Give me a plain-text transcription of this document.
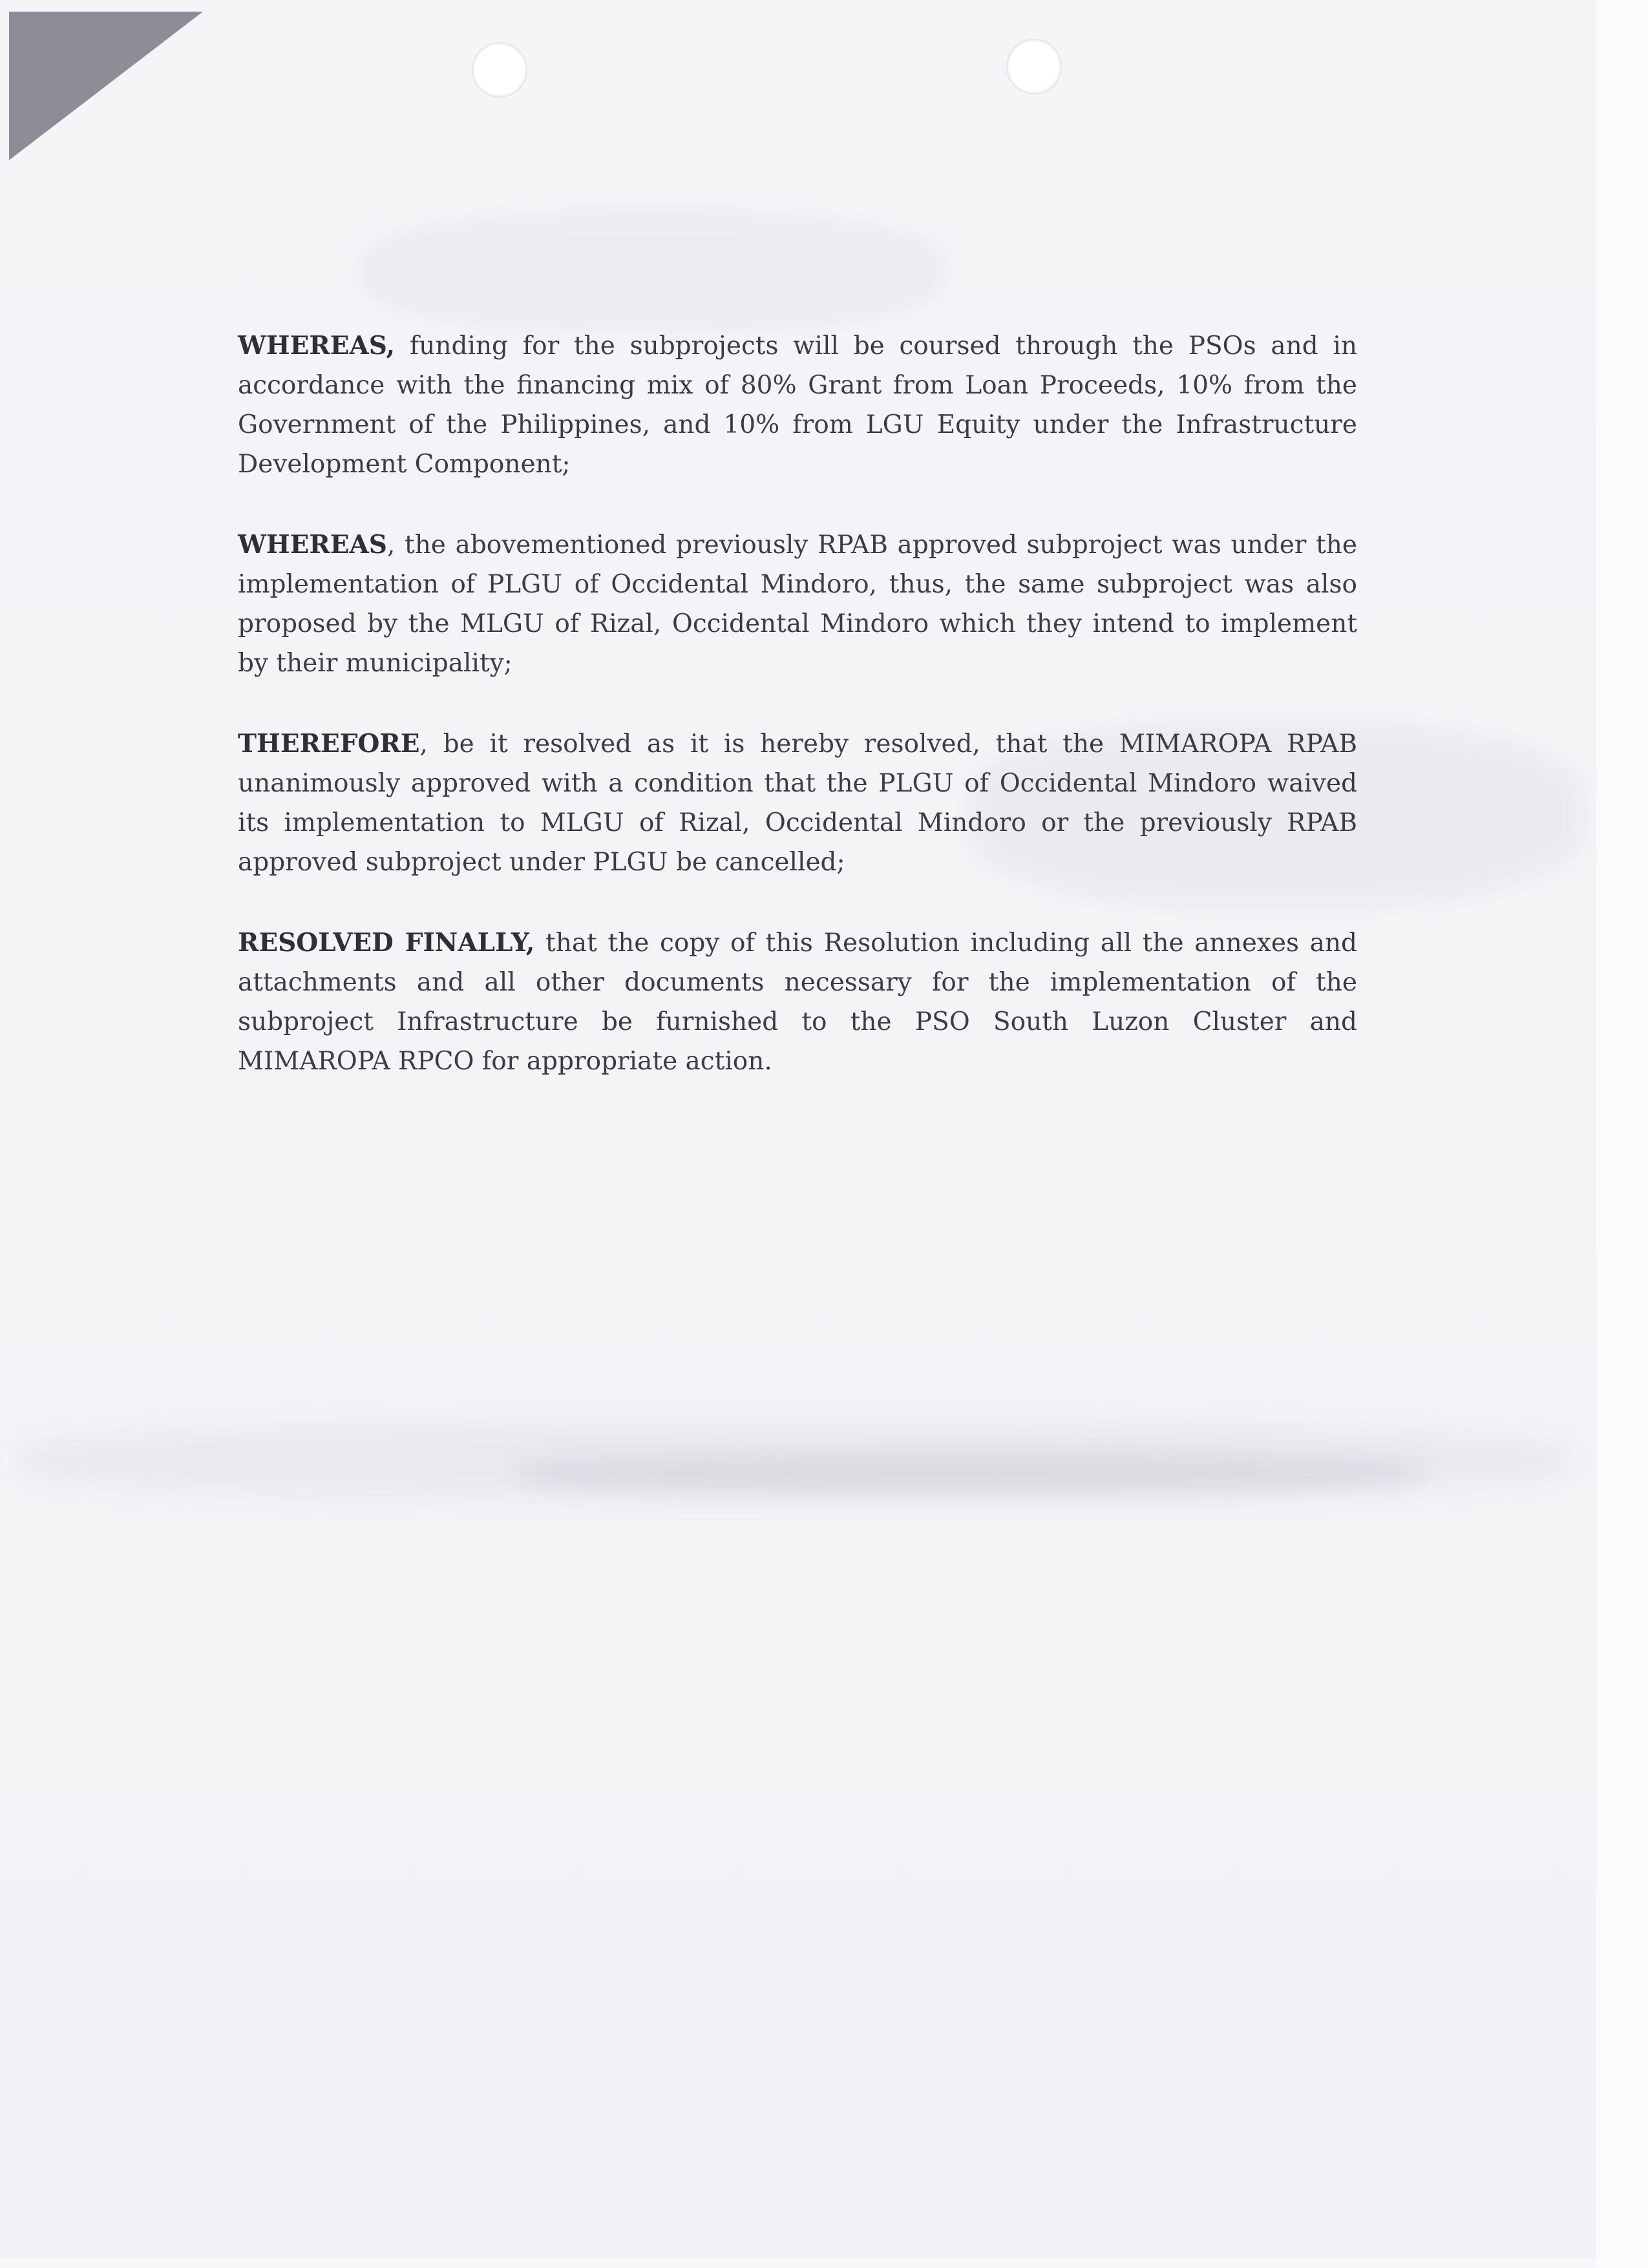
WHEREAS, funding for the subprojects will be coursed through the PSOs and in accordance with the financing mix of 80% Grant from Loan Proceeds, 10% from the Government of the Philippines, and 10% from LGU Equity under the Infrastructure Development Component;

WHEREAS, the abovementioned previously RPAB approved subproject was under the implementation of PLGU of Occidental Mindoro, thus, the same subproject was also proposed by the MLGU of Rizal, Occidental Mindoro which they intend to implement by their municipality;

THEREFORE, be it resolved as it is hereby resolved, that the MIMAROPA RPAB unanimously approved with a condition that the PLGU of Occidental Mindoro waived its implementation to MLGU of Rizal, Occidental Mindoro or the previously RPAB approved subproject under PLGU be cancelled;

RESOLVED FINALLY, that the copy of this Resolution including all the annexes and attachments and all other documents necessary for the implementation of the subproject Infrastructure be furnished to the PSO South Luzon Cluster and MIMAROPA RPCO for appropriate action.
